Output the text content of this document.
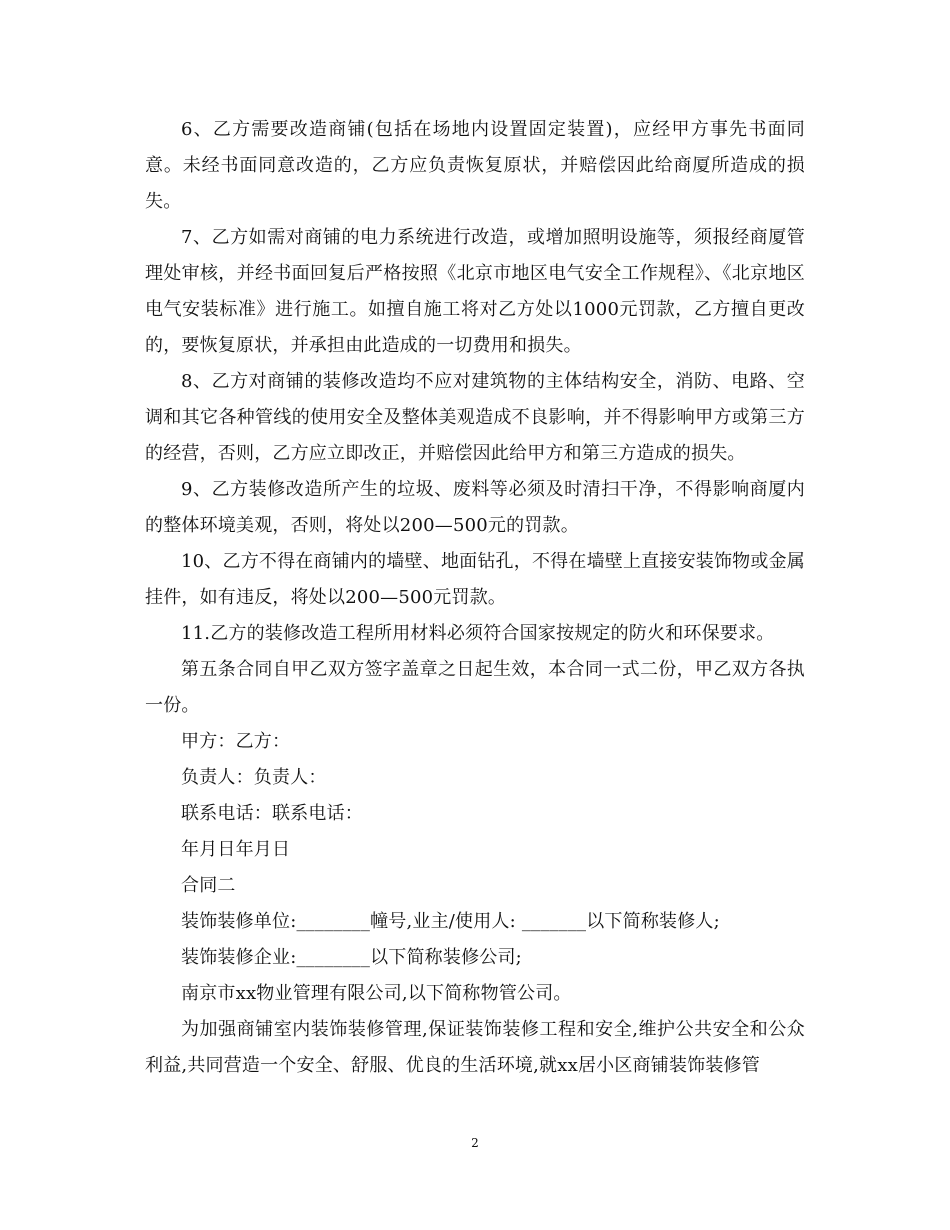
6、乙方需要改造商铺(包括在场地内设置固定装置)，应经甲方事先书面同意。未经书面同意改造的，乙方应负责恢复原状，并赔偿因此给商厦所造成的损失。

7、乙方如需对商铺的电力系统进行改造，或增加照明设施等，须报经商厦管理处审核，并经书面回复后严格按照《北京市地区电气安全工作规程》、《北京地区电气安装标准》进行施工。如擅自施工将对乙方处以1000元罚款，乙方擅自更改的，要恢复原状，并承担由此造成的一切费用和损失。

8、乙方对商铺的装修改造均不应对建筑物的主体结构安全，消防、电路、空调和其它各种管线的使用安全及整体美观造成不良影响，并不得影响甲方或第三方的经营，否则，乙方应立即改正，并赔偿因此给甲方和第三方造成的损失。

9、乙方装修改造所产生的垃圾、废料等必须及时清扫干净，不得影响商厦内的整体环境美观，否则，将处以200—500元的罚款。

10、乙方不得在商铺内的墙壁、地面钻孔，不得在墙壁上直接安装饰物或金属挂件，如有违反，将处以200—500元罚款。

11.乙方的装修改造工程所用材料必须符合国家按规定的防火和环保要求。

第五条合同自甲乙双方签字盖章之日起生效，本合同一式二份，甲乙双方各执一份。

甲方：乙方：

负责人：负责人：

联系电话：联系电话：

年月日年月日

合同二

装饰装修单位:________幢号,业主/使用人: _______以下简称装修人;

装饰装修企业:________以下简称装修公司;

南京市xx物业管理有限公司,以下简称物管公司。

为加强商铺室内装饰装修管理,保证装饰装修工程和安全,维护公共安全和公众利益,共同营造一个安全、舒服、优良的生活环境,就xx居小区商铺装饰装修管

2
